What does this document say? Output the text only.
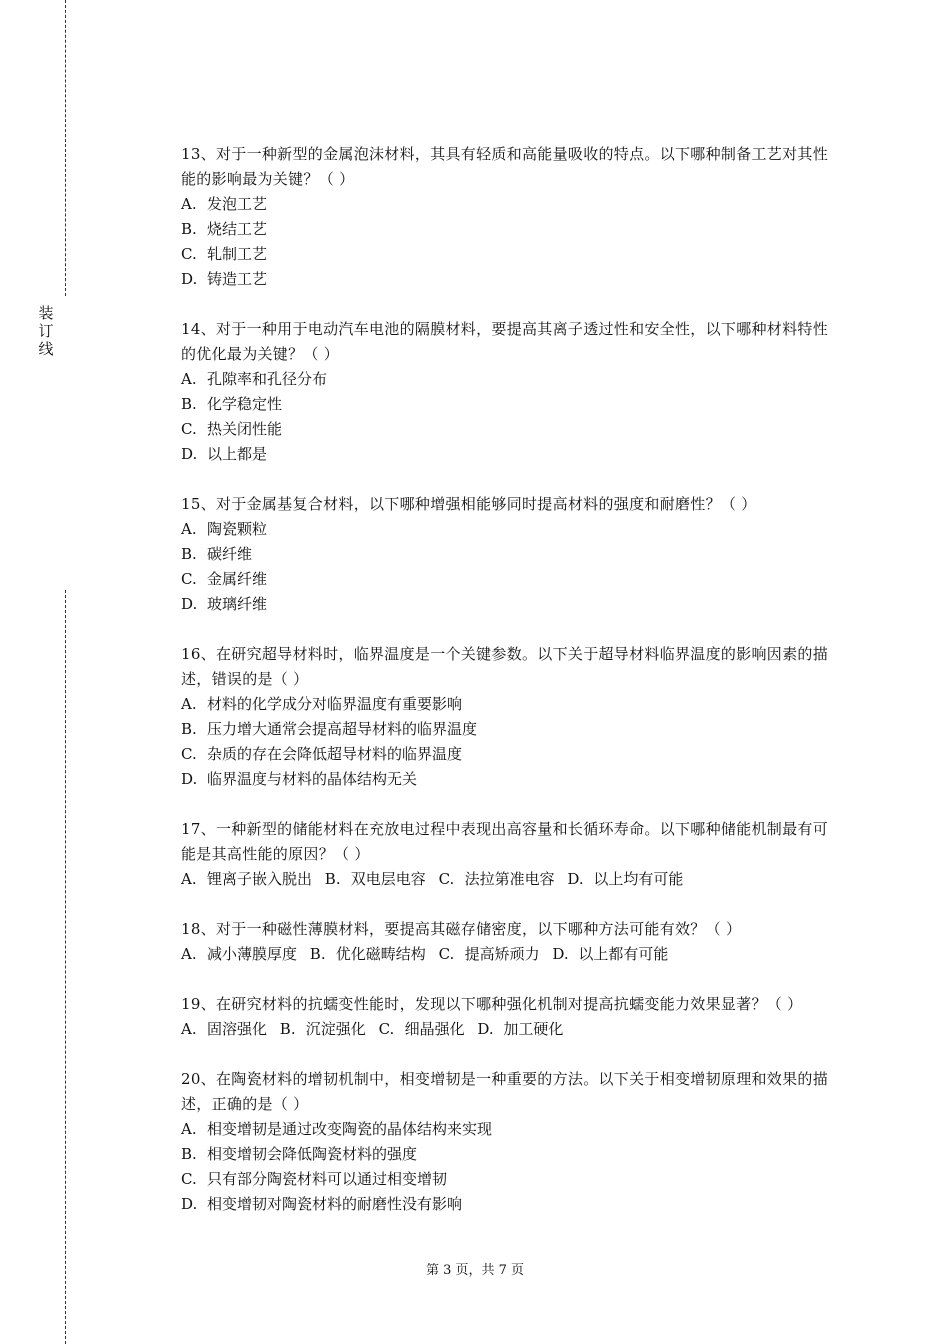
装
订
线

13、对于一种新型的金属泡沫材料，其具有轻质和高能量吸收的特点。以下哪种制备工艺对其性能的影响最为关键？（ ）

A. 发泡工艺

B. 烧结工艺

C. 轧制工艺

D. 铸造工艺

14、对于一种用于电动汽车电池的隔膜材料，要提高其离子透过性和安全性，以下哪种材料特性的优化最为关键？（ ）

A. 孔隙率和孔径分布

B. 化学稳定性

C. 热关闭性能

D. 以上都是

15、对于金属基复合材料，以下哪种增强相能够同时提高材料的强度和耐磨性？（ ）

A. 陶瓷颗粒

B. 碳纤维

C. 金属纤维

D. 玻璃纤维

16、在研究超导材料时，临界温度是一个关键参数。以下关于超导材料临界温度的影响因素的描述，错误的是（ ）

A. 材料的化学成分对临界温度有重要影响

B. 压力增大通常会提高超导材料的临界温度

C. 杂质的存在会降低超导材料的临界温度

D. 临界温度与材料的晶体结构无关

17、一种新型的储能材料在充放电过程中表现出高容量和长循环寿命。以下哪种储能机制最有可能是其高性能的原因？（ ）

A. 锂离子嵌入脱出 B. 双电层电容 C. 法拉第准电容 D. 以上均有可能

18、对于一种磁性薄膜材料，要提高其磁存储密度，以下哪种方法可能有效？（ ）

A. 减小薄膜厚度 B. 优化磁畴结构 C. 提高矫顽力 D. 以上都有可能

19、在研究材料的抗蠕变性能时，发现以下哪种强化机制对提高抗蠕变能力效果显著？（ ）

A. 固溶强化 B. 沉淀强化 C. 细晶强化 D. 加工硬化

20、在陶瓷材料的增韧机制中，相变增韧是一种重要的方法。以下关于相变增韧原理和效果的描述，正确的是（ ）

A. 相变增韧是通过改变陶瓷的晶体结构来实现

B. 相变增韧会降低陶瓷材料的强度

C. 只有部分陶瓷材料可以通过相变增韧

D. 相变增韧对陶瓷材料的耐磨性没有影响

第 3 页，共 7 页
